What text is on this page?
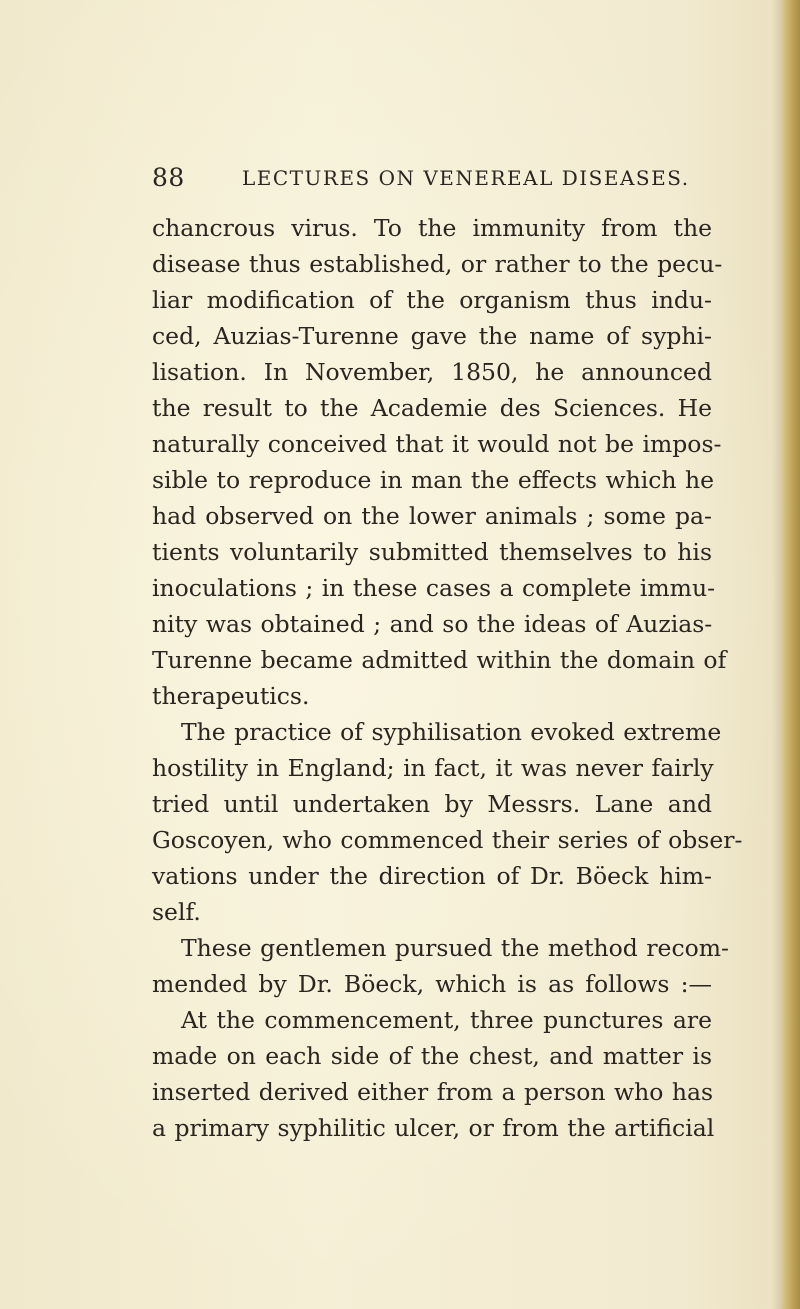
88	LECTURES ON VENEREAL DISEASES.
chancrous virus. To the immunity from the
disease thus established, or rather to the pecu-
liar modification of the organism thus indu-
ced, Auzias-Turenne gave the name of syphi-
lisation. In November, 1850, he announced
the result to the Academie des Sciences. He
naturally conceived that it would not be impos-
sible to reproduce in man the effects which he
had observed on the lower animals ; some pa-
tients voluntarily submitted themselves to his
inoculations ; in these cases a complete immu-
nity was obtained ; and so the ideas of Auzias-
Turenne became admitted within the domain of
therapeutics.
The practice of syphilisation evoked extreme
hostility in England; in fact, it was never fairly
tried until undertaken by Messrs. Lane and
Goscoyen, who commenced their series of obser-
vations under the direction of Dr. Böeck him-
self.
These gentlemen pursued the method recom-
mended by Dr. Böeck, which is as follows :—
At the commencement, three punctures are
made on each side of the chest, and matter is
inserted derived either from a person who has
a primary syphilitic ulcer, or from the artificial
